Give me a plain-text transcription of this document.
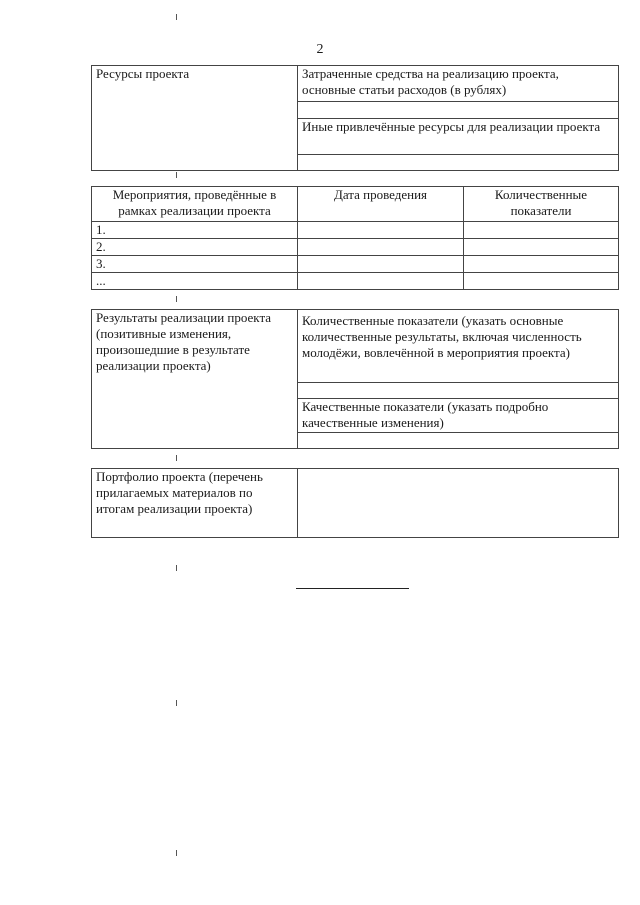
2
Ресурсы проекта	Затраченные средства на реализацию проекта, основные статьи расходов (в рублях)

Иные привлечённые ресурсы для реализации проекта

Мероприятия, проведённые в рамках реализации проекта	Дата проведения	Количественные показатели
1.		
2.		
3.		
...		
Результаты реализации проекта (позитивные изменения, произошедшие в результате реализации проекта)	Количественные показатели (указать основные количественные результаты, включая численность молодёжи, вовлечённой в мероприятия проекта)

Качественные показатели (указать подробно качественные изменения)

Портфолио проекта (перечень прилагаемых материалов по итогам реализации проекта)	
